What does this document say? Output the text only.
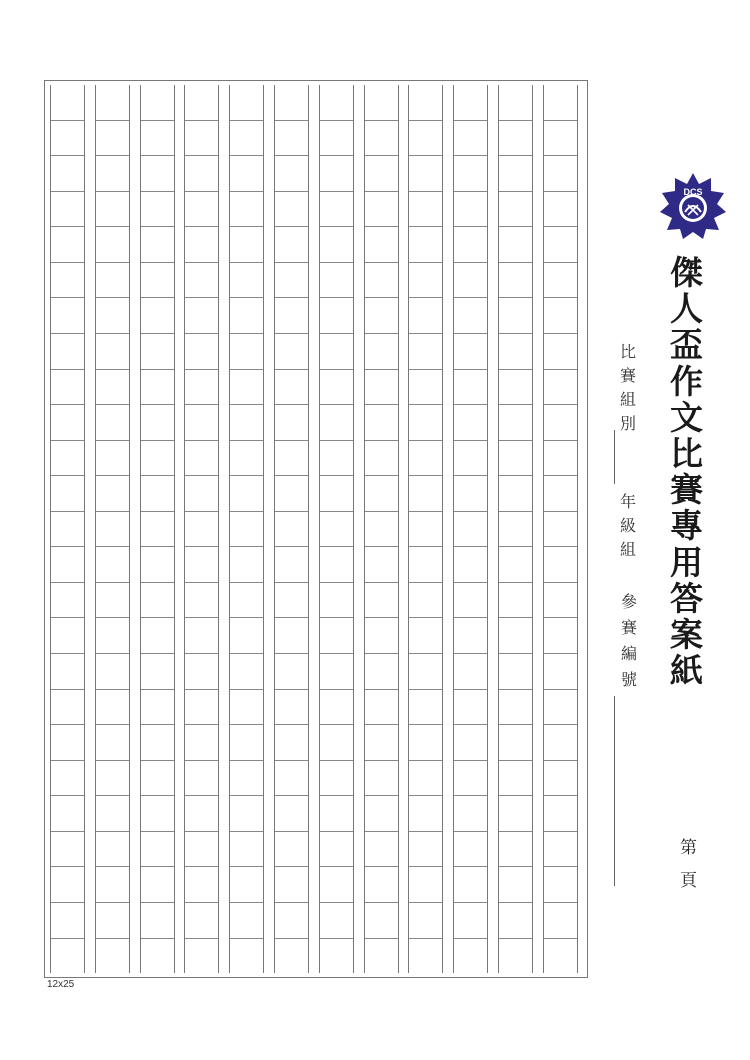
12x25
DCS
傑
人
盃
作
文
比
賽
專
用
答
案
紙
比
賽
組
別
年
級
組
參
賽
編
號
第
頁
